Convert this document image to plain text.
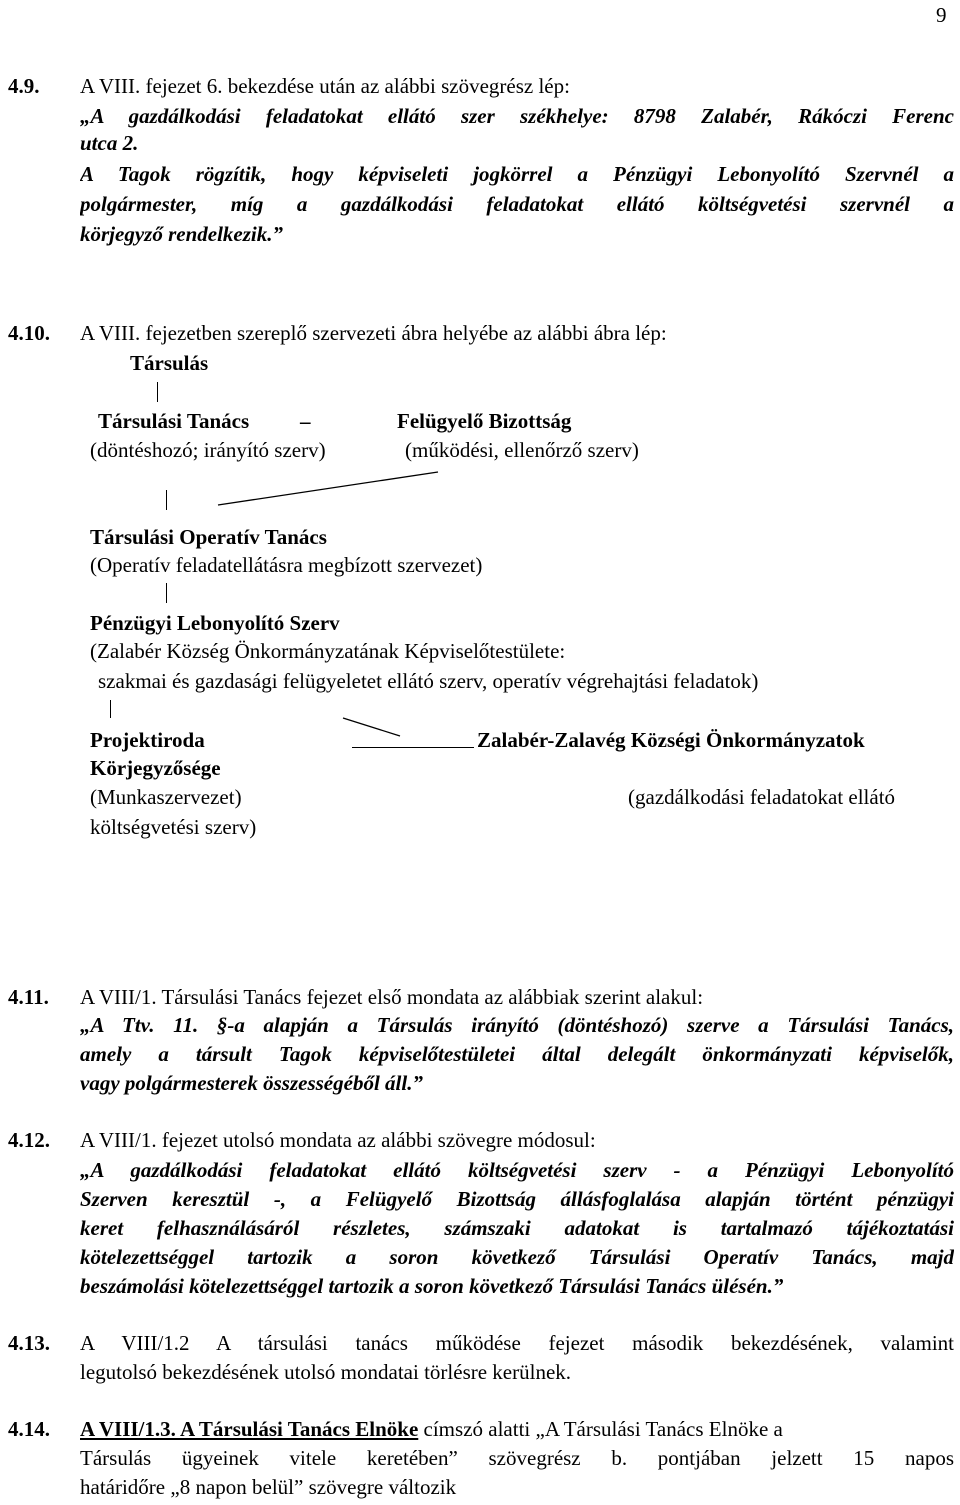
9
4.9. A VIII. fejezet 6. bekezdése után az alábbi szövegrész lép:
„A gazdálkodási feladatokat ellátó szer székhelye: 8798 Zalabér, Rákóczi Ferenc
utca 2.
A Tagok rögzítik, hogy képviseleti jogkörrel a Pénzügyi Lebonyolító Szervnél a
polgármester, míg a gazdálkodási feladatokat ellátó költségvetési szervnél a
körjegyző rendelkezik.”
4.10. A VIII. fejezetben szereplő szervezeti ábra helyébe az alábbi ábra lép:
Társulás
Társulási Tanács –	Felügyelő Bizottság
(döntéshozó; irányító szerv)	(működési, ellenőrző szerv)
Társulási Operatív Tanács
(Operatív feladatellátásra megbízott szervezet)
Pénzügyi Lebonyolító Szerv
(Zalabér Község Önkormányzatának Képviselőtestülete:
szakmai és gazdasági felügyeletet ellátó szerv, operatív végrehajtási feladatok)
Projektiroda	Zalabér-Zalavég Községi Önkormányzatok
Körjegyzősége
(Munkaszervezet)	(gazdálkodási feladatokat ellátó
költségvetési szerv)
4.11. A VIII/1. Társulási Tanács fejezet első mondata az alábbiak szerint alakul:
„A Ttv. 11. §-a alapján a Társulás irányító (döntéshozó) szerve a Társulási Tanács,
amely a társult Tagok képviselőtestületei által delegált önkormányzati képviselők,
vagy polgármesterek összességéből áll.”
4.12. A VIII/1. fejezet utolsó mondata az alábbi szövegre módosul:
„A gazdálkodási feladatokat ellátó költségvetési szerv - a Pénzügyi Lebonyolító
Szerven keresztül -, a Felügyelő Bizottság állásfoglalása alapján történt pénzügyi
keret felhasználásáról részletes, számszaki adatokat is tartalmazó tájékoztatási
kötelezettséggel tartozik a soron következő Társulási Operatív Tanács, majd
beszámolási kötelezettséggel tartozik a soron következő Társulási Tanács ülésén.”
4.13. A VIII/1.2 A társulási tanács működése fejezet második bekezdésének, valamint
legutolsó bekezdésének utolsó mondatai törlésre kerülnek.
4.14. A VIII/1.3. A Társulási Tanács Elnöke címszó alatti „A Társulási Tanács Elnöke a
Társulás ügyeinek vitele keretében” szövegrész b. pontjában jelzett 15 napos
határidőre „8 napon belül” szövegre változik
